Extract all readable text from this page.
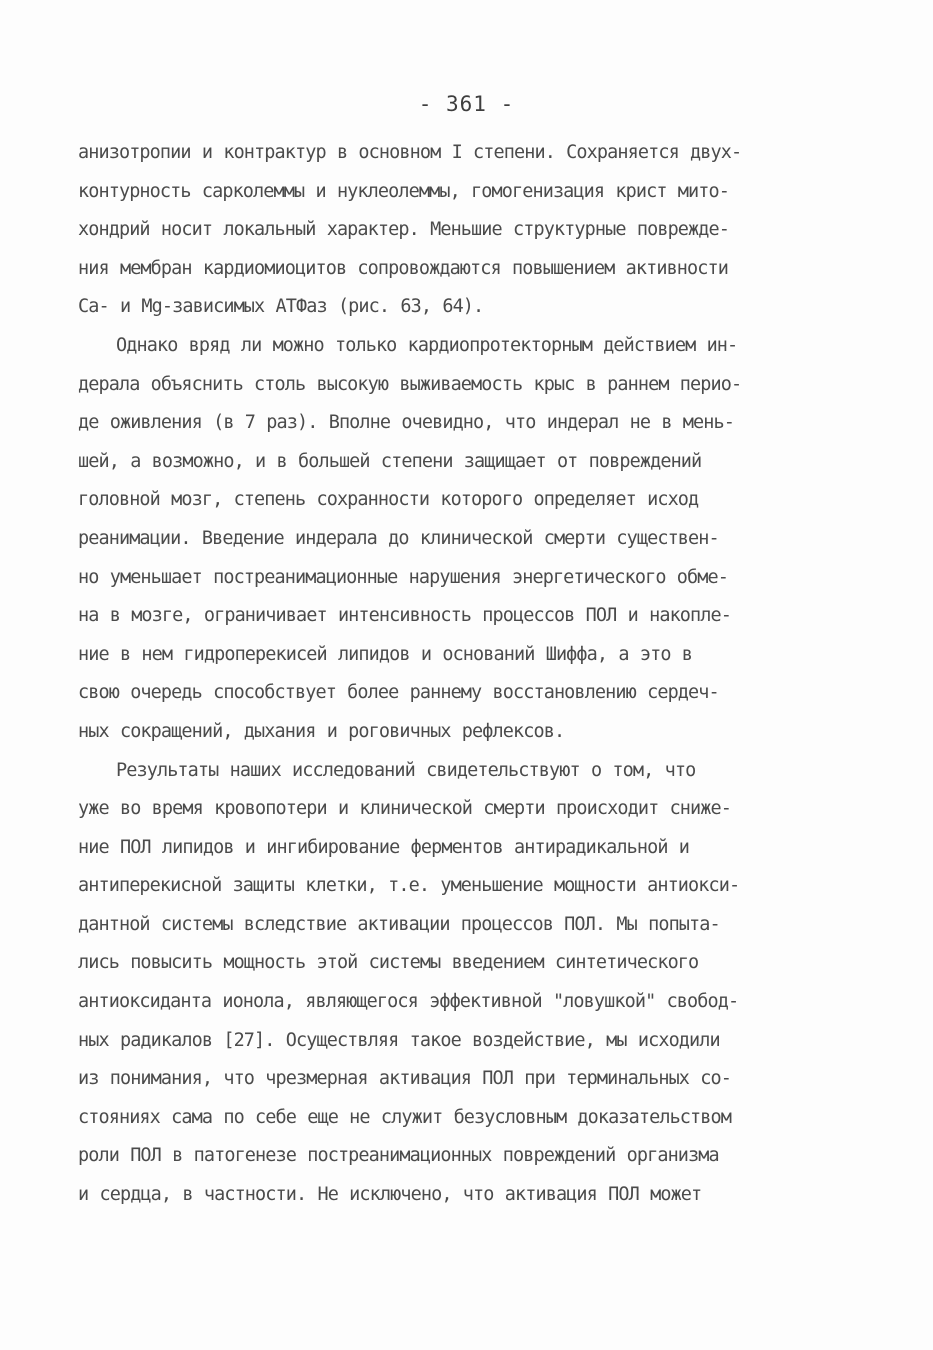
- 361 -
анизотропии и контрактур в основном I степени. Сохраняется двух-
контурность сарколеммы и нуклеолеммы, гомогенизация крист мито-
хондрий носит локальный характер. Меньшие структурные поврежде-
ния мембран кардиомиоцитов сопровождаются повышением активности
Са- и Mg-зависимых АТФаз (рис. 63, 64).
Однако вряд ли можно только кардиопротекторным действием ин-
дерала объяснить столь высокую выживаемость крыс в раннем перио-
де оживления (в 7 раз). Вполне очевидно, что индерал не в мень-
шей, а возможно, и в большей степени защищает от повреждений
головной мозг, степень сохранности которого определяет исход
реанимации. Введение индерала до клинической смерти существен-
но уменьшает постреанимационные нарушения энергетического обме-
на в мозге, ограничивает интенсивность процессов ПОЛ и накопле-
ние в нем гидроперекисей липидов и оснований Шиффа, а это в
свою очередь способствует более раннему восстановлению сердеч-
ных сокращений, дыхания и роговичных рефлексов.
Результаты наших исследований свидетельствуют о том, что
уже во время кровопотери и клинической смерти происходит сниже-
ние ПОЛ липидов и ингибирование ферментов антирадикальной и
антиперекисной защиты клетки, т.е. уменьшение мощности антиокси-
дантной системы вследствие активации процессов ПОЛ. Мы попыта-
лись повысить мощность этой системы введением синтетического
антиоксиданта ионола, являющегося эффективной "ловушкой" свобод-
ных радикалов [27]. Осуществляя такое воздействие, мы исходили
из понимания, что чрезмерная активация ПОЛ при терминальных со-
стояниях сама по себе еще не служит безусловным доказательством
роли ПОЛ в патогенезе постреанимационных повреждений организма
и сердца, в частности. Не исключено, что активация ПОЛ может
